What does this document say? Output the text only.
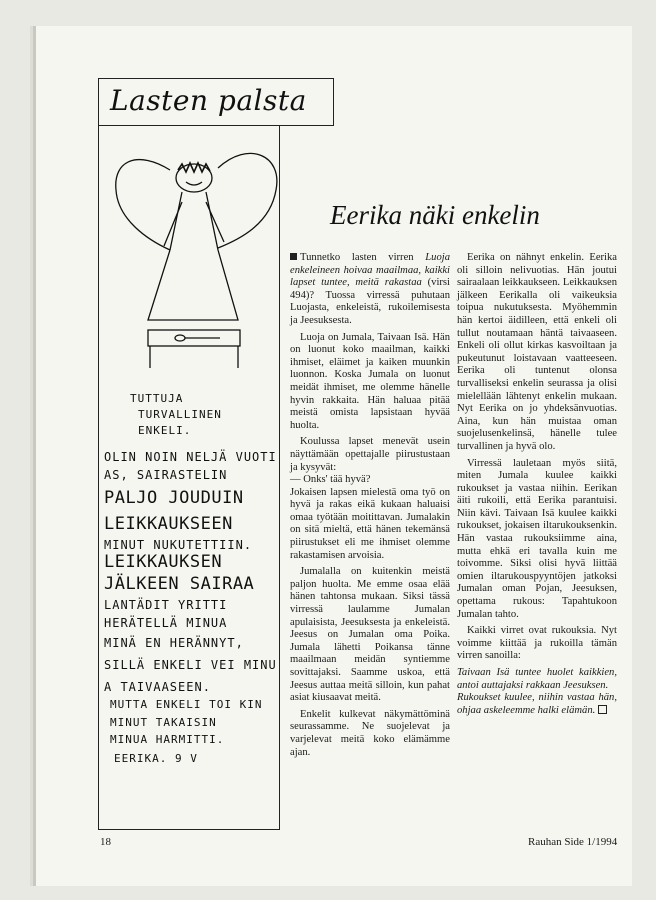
Lasten palsta
TUTTUJA
TURVALLINEN
ENKELI.
OLIN NOIN NELJÄ VUOTI
AS, SAIRASTELIN
PALJO JOUDUIN
LEIKKAUKSEEN
MINUT NUKUTETTIIN.
LEIKKAUKSEN
JÄLKEEN SAIRAA
LANTÄDIT YRITTI
HERÄTELLÄ MINUA
MINÄ EN HERÄNNYT,
SILLÄ ENKELI VEI MINU
A TAIVAASEEN.
MUTTA ENKELI TOI KIN
MINUT TAKAISIN
MINUA HARMITTI.
EERIKA. 9 V
Eerika näki enkelin

Tunnetko lasten virren Luoja enkeleineen hoivaa maailmaa, kaikki lapset tuntee, meitä rakastaa (virsi 494)? Tuossa virressä puhutaan Luojasta, enkeleistä, rukoilemisesta ja Jeesuksesta.

Luoja on Jumala, Taivaan Isä. Hän on luonut koko maailman, kaikki ihmiset, eläimet ja kaiken muunkin luonnon. Koska Jumala on luonut meidät ihmiset, me olemme hänelle hyvin rakkaita. Hän haluaa pitää meistä omista lapsistaan hyvää huolta.

Koulussa lapset menevät usein näyttämään opettajalle piirustustaan ja kysyvät:

— Onks' tää hyvä?

Jokaisen lapsen mielestä oma työ on hyvä ja rakas eikä kukaan haluaisi omaa työtään moitittavan. Jumalakin on sitä mieltä, että hänen tekemänsä piirustukset eli me ihmiset olemme rakastamisen arvoisia.

Jumalalla on kuitenkin meistä paljon huolta. Me emme osaa elää hänen tahtonsa mukaan. Siksi tässä virressä laulamme Jumalan apulaisista, Jeesuksesta ja enkeleistä. Jeesus on Jumalan oma Poika. Jumala lähetti Poikansa tänne maailmaan meidän syntiemme sovittajaksi. Saamme uskoa, että Jeesus auttaa meitä silloin, kun pahat asiat kiusaavat meitä.

Enkelit kulkevat näkymättöminä seurassamme. Ne suojelevat ja varjelevat meitä koko elämämme ajan.

Eerika on nähnyt enkelin. Eerika oli silloin nelivuotias. Hän joutui sairaalaan leikkaukseen. Leikkauksen jälkeen Eerikalla oli vaikeuksia toipua nukutuksesta. Myöhemmin hän kertoi äidilleen, että enkeli oli tullut noutamaan häntä taivaaseen. Enkeli oli ollut kirkas kasvoiltaan ja pukeutunut loistavaan vaatteeseen. Eerika oli tuntenut olonsa turvalliseksi enkelin seurassa ja olisi mielellään lähtenyt enkelin mukaan. Nyt Eerika on jo yhdeksänvuotias. Aina, kun hän muistaa oman suojelusenkelinsä, hänelle tulee turvallinen ja hyvä olo.

Virressä lauletaan myös siitä, miten Jumala kuulee kaikki rukoukset ja vastaa niihin. Eerikan äiti rukoili, että Eerika parantuisi. Niin kävi. Taivaan Isä kuulee kaikki rukoukset, jokaisen iltarukouksenkin. Hän vastaa rukouksiimme aina, mutta ehkä eri tavalla kuin me toivomme. Siksi olisi hyvä liittää omien iltarukouspyyntöjen jatkoksi Jumalan oman Pojan, Jeesuksen, opettama rukous: Tapahtukoon Jumalan tahto.

Kaikki virret ovat rukouksia. Nyt voimme kiittää ja rukoilla tämän virren sanoilla:

Taivaan Isä tuntee huolet kaikkien, antoi auttajaksi rakkaan Jeesuksen.

Rukoukset kuulee, niihin vastaa hän, ohjaa askeleemme halki elämän.

18	Rauhan Side 1/1994
